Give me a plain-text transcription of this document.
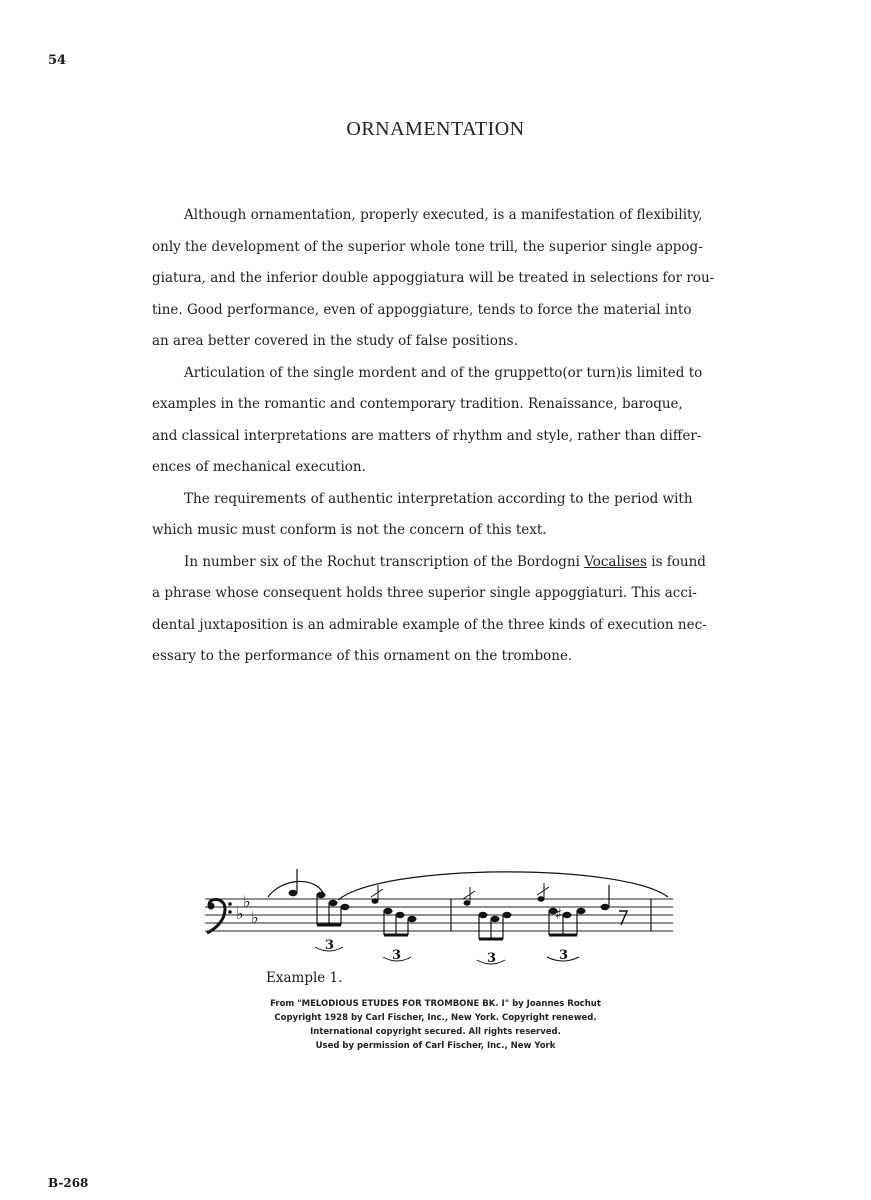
54
ORNAMENTATION
Although ornamentation, properly executed, is a manifestation of flexibility,
only the development of the superior whole tone trill, the superior single appog-
giatura, and the inferior double appoggiatura will be treated in selections for rou-
tine. Good performance, even of appoggiature, tends to force the material into
an area better covered in the study of false positions.
Articulation of the single mordent and of the gruppetto(or turn)is limited to
examples in the romantic and contemporary tradition. Renaissance, baroque,
and classical interpretations are matters of rhythm and style, rather than differ-
ences of mechanical execution.
The requirements of authentic interpretation according to the period with
which music must conform is not the concern of this text.
In number six of the Rochut transcription of the Bordogni Vocalises is found
a phrase whose consequent holds three superior single appoggiaturi. This acci-
dental juxtaposition is an admirable example of the three kinds of execution nec-
essary to the performance of this ornament on the trombone.
♭
♭
♭	♯
3
3	3	3
Example 1.
From "MELODIOUS ETUDES FOR TROMBONE BK. I" by Joannes Rochut
Copyright 1928 by Carl Fischer, Inc., New York. Copyright renewed.
International copyright secured. All rights reserved.
Used by permission of Carl Fischer, Inc., New York
B-268
